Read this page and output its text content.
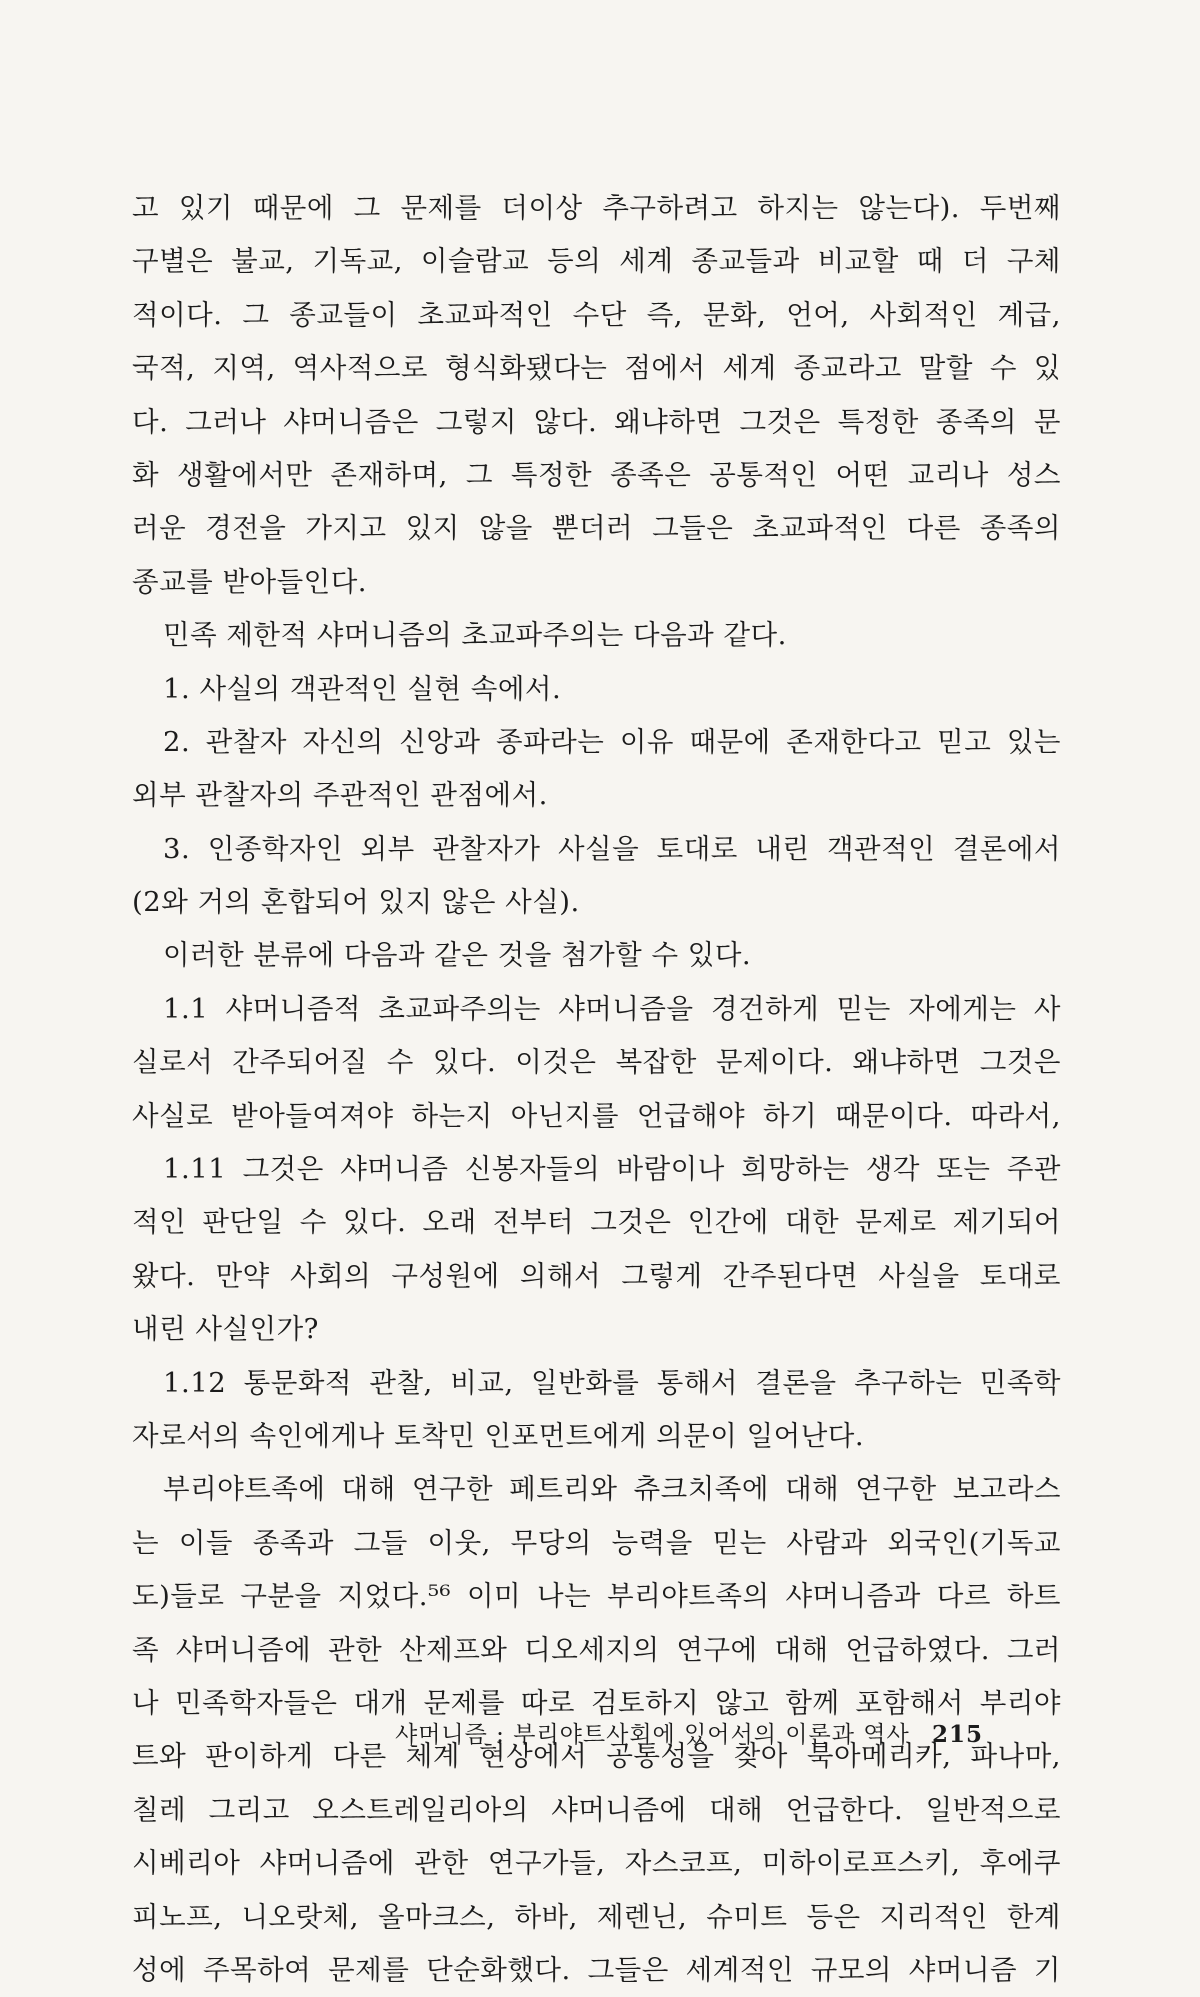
고 있기 때문에 그 문제를 더이상 추구하려고 하지는 않는다). 두번째
구별은 불교, 기독교, 이슬람교 등의 세계 종교들과 비교할 때 더 구체
적이다. 그 종교들이 초교파적인 수단 즉, 문화, 언어, 사회적인 계급,
국적, 지역, 역사적으로 형식화됐다는 점에서 세계 종교라고 말할 수 있
다. 그러나 샤머니즘은 그렇지 않다. 왜냐하면 그것은 특정한 종족의 문
화 생활에서만 존재하며, 그 특정한 종족은 공통적인 어떤 교리나 성스
러운 경전을 가지고 있지 않을 뿐더러 그들은 초교파적인 다른 종족의
종교를 받아들인다.
민족 제한적 샤머니즘의 초교파주의는 다음과 같다.
1. 사실의 객관적인 실현 속에서.
2. 관찰자 자신의 신앙과 종파라는 이유 때문에 존재한다고 믿고 있는
외부 관찰자의 주관적인 관점에서.
3. 인종학자인 외부 관찰자가 사실을 토대로 내린 객관적인 결론에서
(2와 거의 혼합되어 있지 않은 사실).
이러한 분류에 다음과 같은 것을 첨가할 수 있다.
1.1 샤머니즘적 초교파주의는 샤머니즘을 경건하게 믿는 자에게는 사
실로서 간주되어질 수 있다. 이것은 복잡한 문제이다. 왜냐하면 그것은
사실로 받아들여져야 하는지 아닌지를 언급해야 하기 때문이다. 따라서,
1.11 그것은 샤머니즘 신봉자들의 바람이나 희망하는 생각 또는 주관
적인 판단일 수 있다. 오래 전부터 그것은 인간에 대한 문제로 제기되어
왔다. 만약 사회의 구성원에 의해서 그렇게 간주된다면 사실을 토대로
내린 사실인가?
1.12 통문화적 관찰, 비교, 일반화를 통해서 결론을 추구하는 민족학
자로서의 속인에게나 토착민 인포먼트에게 의문이 일어난다.
부리야트족에 대해 연구한 페트리와 츄크치족에 대해 연구한 보고라스
는 이들 종족과 그들 이웃, 무당의 능력을 믿는 사람과 외국인(기독교
도)들로 구분을 지었다.⁵⁶ 이미 나는 부리야트족의 샤머니즘과 다르 하트
족 샤머니즘에 관한 산제프와 디오세지의 연구에 대해 언급하였다. 그러
나 민족학자들은 대개 문제를 따로 검토하지 않고 함께 포함해서 부리야
트와 판이하게 다른 체계 현상에서 공통성을 찾아 북아메리카, 파나마,
칠레 그리고 오스트레일리아의 샤머니즘에 대해 언급한다. 일반적으로
시베리아 샤머니즘에 관한 연구가들, 자스코프, 미하이로프스키, 후에쿠
피노프, 니오랏체, 올마크스, 하바, 제렌닌, 슈미트 등은 지리적인 한계
성에 주목하여 문제를 단순화했다. 그들은 세계적인 규모의 샤머니즘 기
샤머니즘 : 부리야트사회에 있어서의 이론과 역사 215
